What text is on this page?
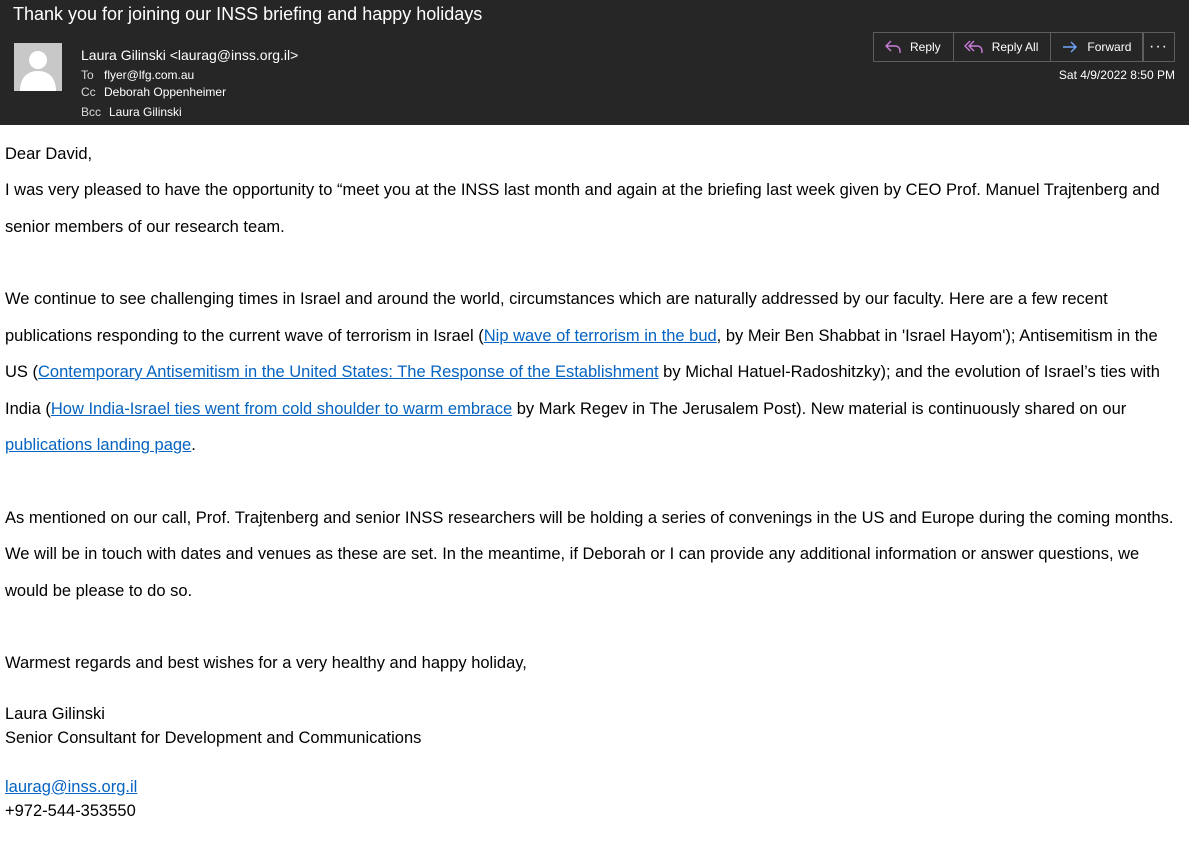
Thank you for joining our INSS briefing and happy holidays
Laura Gilinski <laurag@inss.org.il>
To flyer@lfg.com.au
Cc Deborah Oppenheimer
Bcc Laura Gilinski
Reply	Reply All	Forward ···
Sat 4/9/2022 8:50 PM

Dear David,

I was very pleased to have the opportunity to “meet you at the INSS last month and again at the briefing last week given by CEO Prof. Manuel Trajtenberg and senior members of our research team.

We continue to see challenging times in Israel and around the world, circumstances which are naturally addressed by our faculty. Here are a few recent publications responding to the current wave of terrorism in Israel (Nip wave of terrorism in the bud, by Meir Ben Shabbat in 'Israel Hayom'); Antisemitism in the US (Contemporary Antisemitism in the United States: The Response of the Establishment by Michal Hatuel-Radoshitzky); and the evolution of Israel’s ties with India (How India-Israel ties went from cold shoulder to warm embrace by Mark Regev in The Jerusalem Post). New material is continuously shared on our publications landing page.

As mentioned on our call, Prof. Trajtenberg and senior INSS researchers will be holding a series of convenings in the US and Europe during the coming months. We will be in touch with dates and venues as these are set. In the meantime, if Deborah or I can provide any additional information or answer questions, we would be please to do so.

Warmest regards and best wishes for a very healthy and happy holiday,

Laura Gilinski

Senior Consultant for Development and Communications

laurag@inss.org.il

+972-544-353550
